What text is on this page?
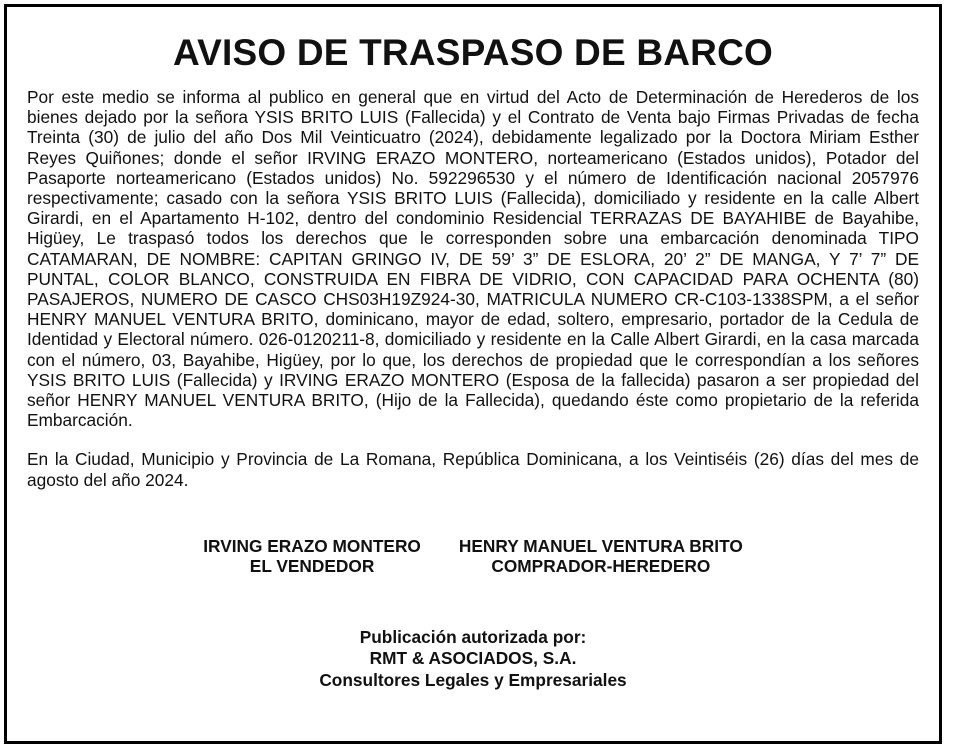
AVISO DE TRASPASO DE BARCO

Por este medio se informa al publico en general que en virtud del Acto de Determinación de Herederos de los bienes dejado por la señora YSIS BRITO LUIS (Fallecida) y el Contrato de Venta bajo Firmas Privadas de fecha Treinta (30) de julio del año Dos Mil Veinticuatro (2024), debidamente legalizado por la Doctora Miriam Esther Reyes Quiñones; donde el señor IRVING ERAZO MONTERO, norteamericano (Estados unidos), Potador del Pasaporte norteamericano (Estados unidos) No. 592296530 y el número de Identificación nacional 2057976 respectivamente; casado con la señora YSIS BRITO LUIS (Fallecida), domiciliado y residente en la calle Albert Girardi, en el Apartamento H-102, dentro del condominio Residencial TERRAZAS DE BAYAHIBE de Bayahibe, Higüey, Le traspasó todos los derechos que le corresponden sobre una embarcación denominada TIPO CATAMARAN, DE NOMBRE: CAPITAN GRINGO IV, DE 59’ 3” DE ESLORA, 20’ 2” DE MANGA, Y 7’ 7” DE PUNTAL, COLOR BLANCO, CONSTRUIDA EN FIBRA DE VIDRIO, CON CAPACIDAD PARA OCHENTA (80) PASAJEROS, NUMERO DE CASCO CHS03H19Z924-30, MATRICULA NUMERO CR-C103-1338SPM, a el señor HENRY MANUEL VENTURA BRITO, dominicano, mayor de edad, soltero, empresario, portador de la Cedula de Identidad y Electoral número. 026-0120211-8, domiciliado y residente en la Calle Albert Girardi, en la casa marcada con el número, 03, Bayahibe, Higüey, por lo que, los derechos de propiedad que le correspondían a los señores YSIS BRITO LUIS (Fallecida) y IRVING ERAZO MONTERO (Esposa de la fallecida) pasaron a ser propiedad del señor HENRY MANUEL VENTURA BRITO, (Hijo de la Fallecida), quedando éste como propietario de la referida Embarcación.

En la Ciudad, Municipio y Provincia de La Romana, República Dominicana, a los Veintiséis (26) días del mes de agosto del año 2024.

IRVING ERAZO MONTERO
EL VENDEDOR
HENRY MANUEL VENTURA BRITO
COMPRADOR-HEREDERO
Publicación autorizada por:
RMT & ASOCIADOS, S.A.
Consultores Legales y Empresariales
